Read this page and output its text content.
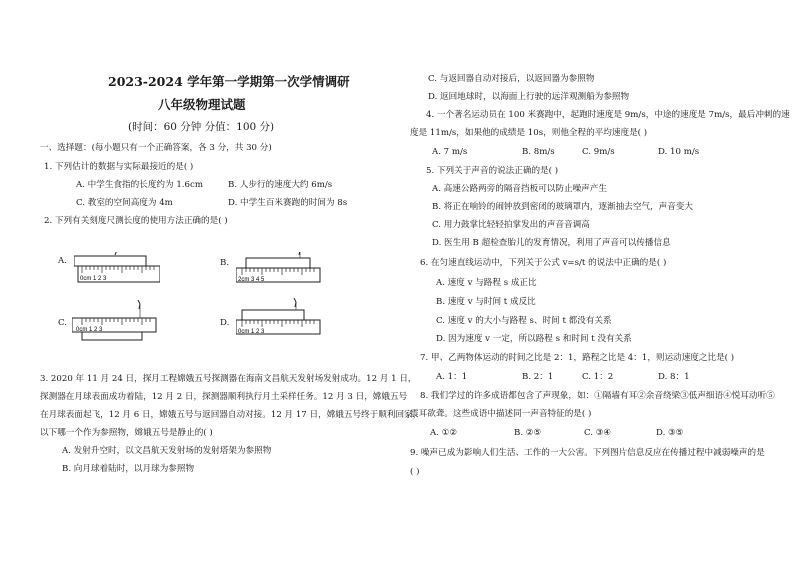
2023-2024 学年第一学期第一次学情调研
八年级物理试题
(时间：60 分钟 分值：100 分)
一、选择题：(每小题只有一个正确答案，各 3 分，共 30 分)
1. 下列估计的数据与实际最接近的是( )
A. 中学生食指的长度约为 1.6cm	B. 人步行的速度大约 6m/s
C. 教室的空间高度为 4m	D. 中学生百米赛跑的时间为 8s
2. 下列有关刻度尺测长度的使用方法正确的是( )
A.
0cm 1 2 3
B.
2cm 3 4 5
C.
0cm 1 2 3
D.
0cm 1 2 3
3. 2020 年 11 月 24 日，探月工程嫦娥五号探测器在海南文昌航天发射场发射成功。12 月 1 日，
探测器在月球表面成功着陆，12 月 2 日，探测器顺利执行月土采样任务。12 月 3 日，嫦娥五号
在月球表面起飞，12 月 6 日，嫦娥五号与返回器自动对接。12 月 17 日，嫦娥五号终于顺利回家，
以下哪一个作为参照物，嫦娥五号是静止的( )
A. 发射升空时，以文昌航天发射场的发射塔架为参照物
B. 向月球着陆时，以月球为参照物
C. 与返回器自动对接后，以返回器为参照物
D. 返回地球时，以海面上行驶的远洋观测船为参照物
4. 一个著名运动员在 100 米赛跑中，起跑时速度是 9m/s，中途的速度是 7m/s，最后冲刺的速
度是 11m/s，如果他的成绩是 10s，则他全程的平均速度是( )
A. 7 m/s	B. 8m/s	C. 9m/s	D. 10 m/s
5. 下列关于声音的说法正确的是( )
A. 高速公路两旁的隔音挡板可以防止噪声产生
B. 将正在响铃的闹钟放到密闭的玻璃罩内，逐渐抽去空气，声音变大
C. 用力鼓掌比轻轻拍掌发出的声音音调高
D. 医生用 B 超检查胎儿的发育情况，利用了声音可以传播信息
6. 在匀速直线运动中，下列关于公式 v=s/t 的说法中正确的是( )
A. 速度 v 与路程 s 成正比
B. 速度 v 与时间 t 成反比
C. 速度 v 的大小与路程 s、时间 t 都没有关系
D. 因为速度 v 一定，所以路程 s 和时间 t 没有关系
7. 甲、乙两物体运动的时间之比是 2：1，路程之比是 4：1，则运动速度之比是( )
A. 1：1	B. 2：1	C. 1：2	D. 8：1
8. 我们学过的许多成语都包含了声现象，如：①隔墙有耳②余音绕梁③低声细语④悦耳动听⑤
震耳欲聋。这些成语中描述同一声音特征的是( )
A. ①②	B. ②⑤	C. ③④	D. ③⑤
9. 噪声已成为影响人们生活、工作的一大公害。下列图片信息反应在传播过程中减弱噪声的是
( )
